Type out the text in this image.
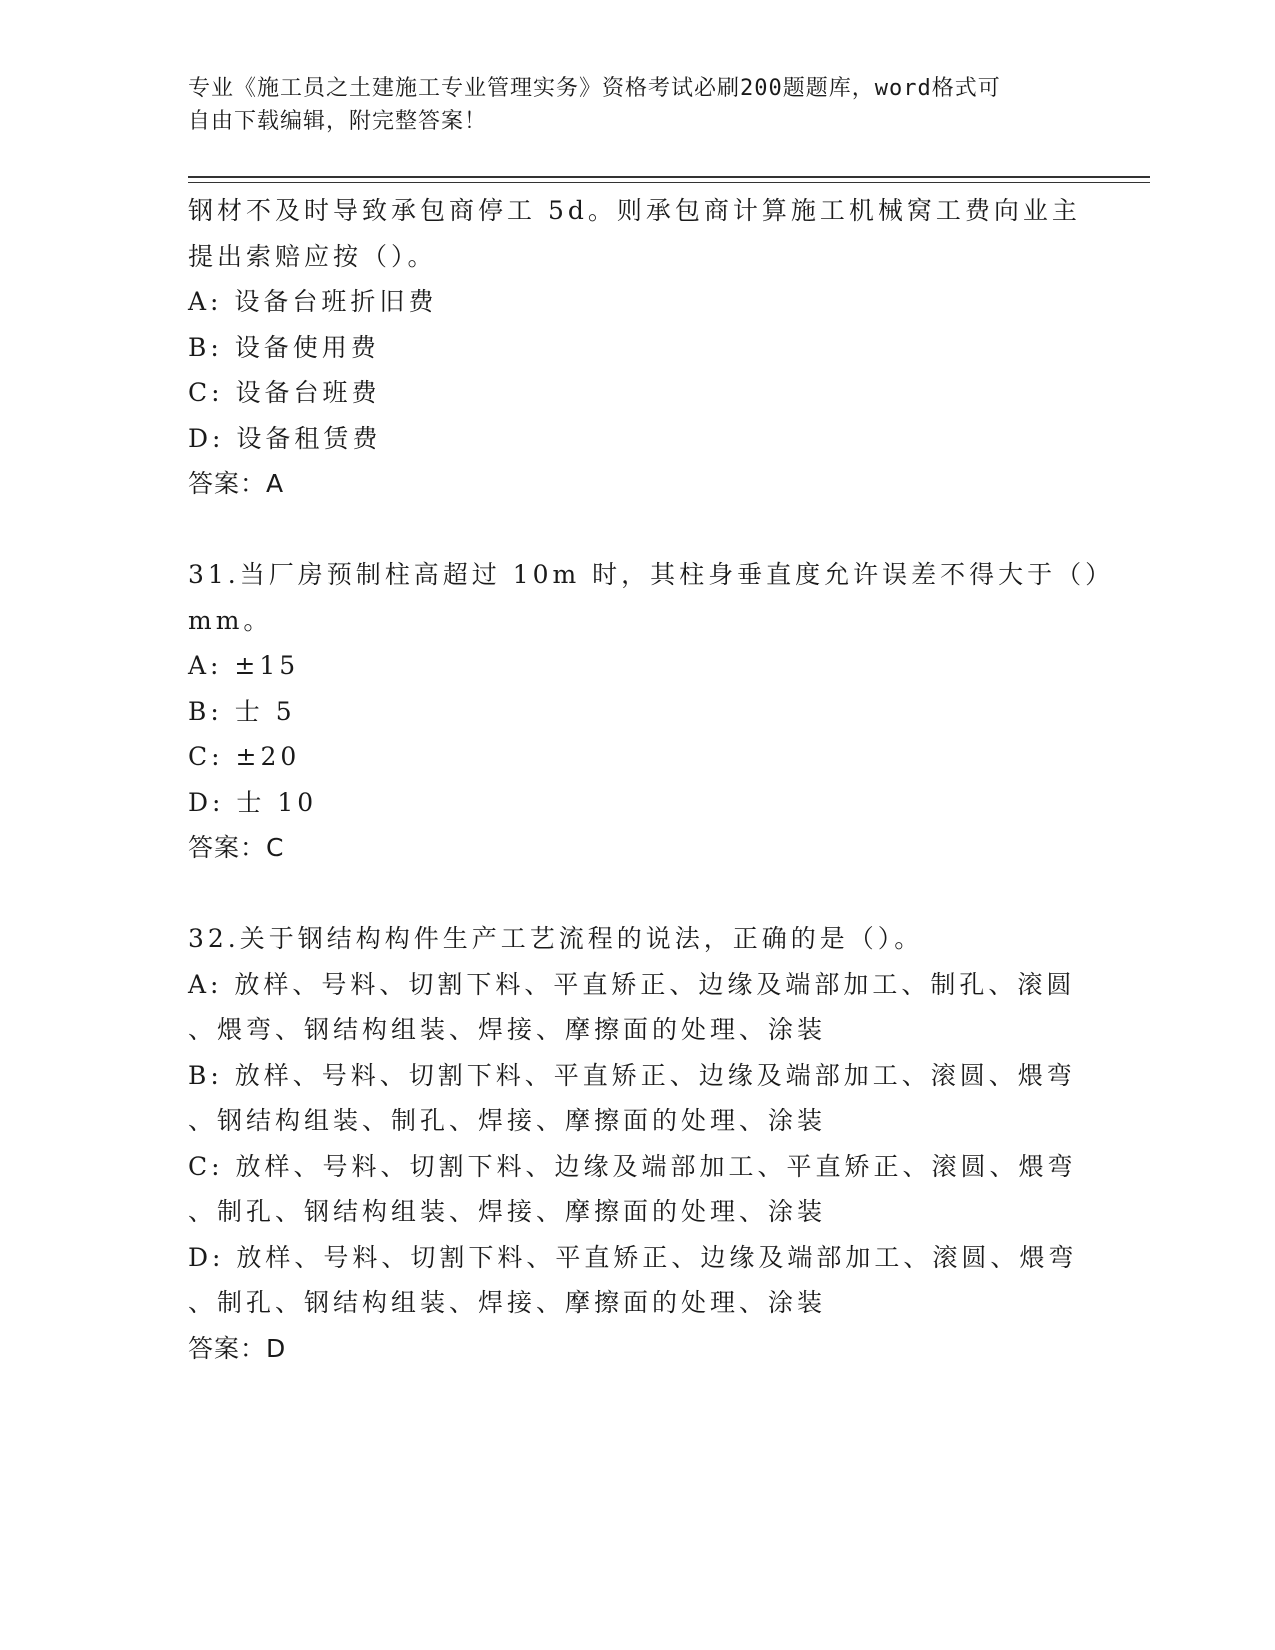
专业《施工员之土建施工专业管理实务》资格考试必刷200题题库，word格式可
自由下载编辑，附完整答案！
钢材不及时导致承包商停工 5d。则承包商计算施工机械窝工费向业主
提出索赔应按（）。
A: 设备台班折旧费
B: 设备使用费
C: 设备台班费
D: 设备租赁费
答案：A
31.当厂房预制柱高超过 10m 时，其柱身垂直度允许误差不得大于（）
mm。
A: ±15
B: 士 5
C: ±20
D: 士 10
答案：C
32.关于钢结构构件生产工艺流程的说法，正确的是（）。
A: 放样、号料、切割下料、平直矫正、边缘及端部加工、制孔、滚圆
、煨弯、钢结构组装、焊接、摩擦面的处理、涂装
B: 放样、号料、切割下料、平直矫正、边缘及端部加工、滚圆、煨弯
、钢结构组装、制孔、焊接、摩擦面的处理、涂装
C: 放样、号料、切割下料、边缘及端部加工、平直矫正、滚圆、煨弯
、制孔、钢结构组装、焊接、摩擦面的处理、涂装
D: 放样、号料、切割下料、平直矫正、边缘及端部加工、滚圆、煨弯
、制孔、钢结构组装、焊接、摩擦面的处理、涂装
答案：D
